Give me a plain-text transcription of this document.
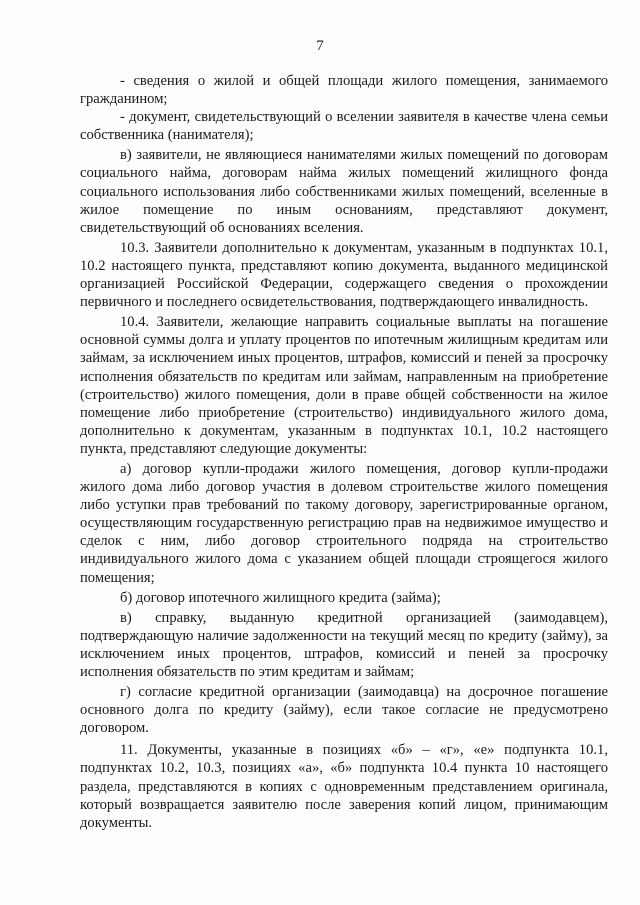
7

- сведения о жилой и общей площади жилого помещения, занимаемого гражданином;

- документ, свидетельствующий о вселении заявителя в качестве члена семьи собственника (нанимателя);

в) заявители, не являющиеся нанимателями жилых помещений по договорам социального найма, договорам найма жилых помещений жилищного фонда социального использования либо собственниками жилых помещений, вселенные в жилое помещение по иным основаниям, представляют документ, свидетельствующий об основаниях вселения.

10.3. Заявители дополнительно к документам, указанным в подпунктах 10.1, 10.2 настоящего пункта, представляют копию документа, выданного медицинской организацией Российской Федерации, содержащего сведения о прохождении первичного и последнего освидетельствования, подтверждающего инвалидность.

10.4. Заявители, желающие направить социальные выплаты на погашение основной суммы долга и уплату процентов по ипотечным жилищным кредитам или займам, за исключением иных процентов, штрафов, комиссий и пеней за просрочку исполнения обязательств по кредитам или займам, направленным на приобретение (строительство) жилого помещения, доли в праве общей собственности на жилое помещение либо приобретение (строительство) индивидуального жилого дома, дополнительно к документам, указанным в подпунктах 10.1, 10.2 настоящего пункта, представляют следующие документы:

а) договор купли-продажи жилого помещения, договор купли-продажи жилого дома либо договор участия в долевом строительстве жилого помещения либо уступки прав требований по такому договору, зарегистрированные органом, осуществляющим государственную регистрацию прав на недвижимое имущество и сделок с ним, либо договор строительного подряда на строительство индивидуального жилого дома с указанием общей площади строящегося жилого помещения;

б) договор ипотечного жилищного кредита (займа);

в) справку, выданную кредитной организацией (заимодавцем), подтверждающую наличие задолженности на текущий месяц по кредиту (займу), за исключением иных процентов, штрафов, комиссий и пеней за просрочку исполнения обязательств по этим кредитам и займам;

г) согласие кредитной организации (заимодавца) на досрочное погашение основного долга по кредиту (займу), если такое согласие не предусмотрено договором.

11. Документы, указанные в позициях «б» – «г», «е» подпункта 10.1, подпунктах 10.2, 10.3, позициях «а», «б» подпункта 10.4 пункта 10 настоящего раздела, представляются в копиях с одновременным представлением оригинала, который возвращается заявителю после заверения копий лицом, принимающим документы.
